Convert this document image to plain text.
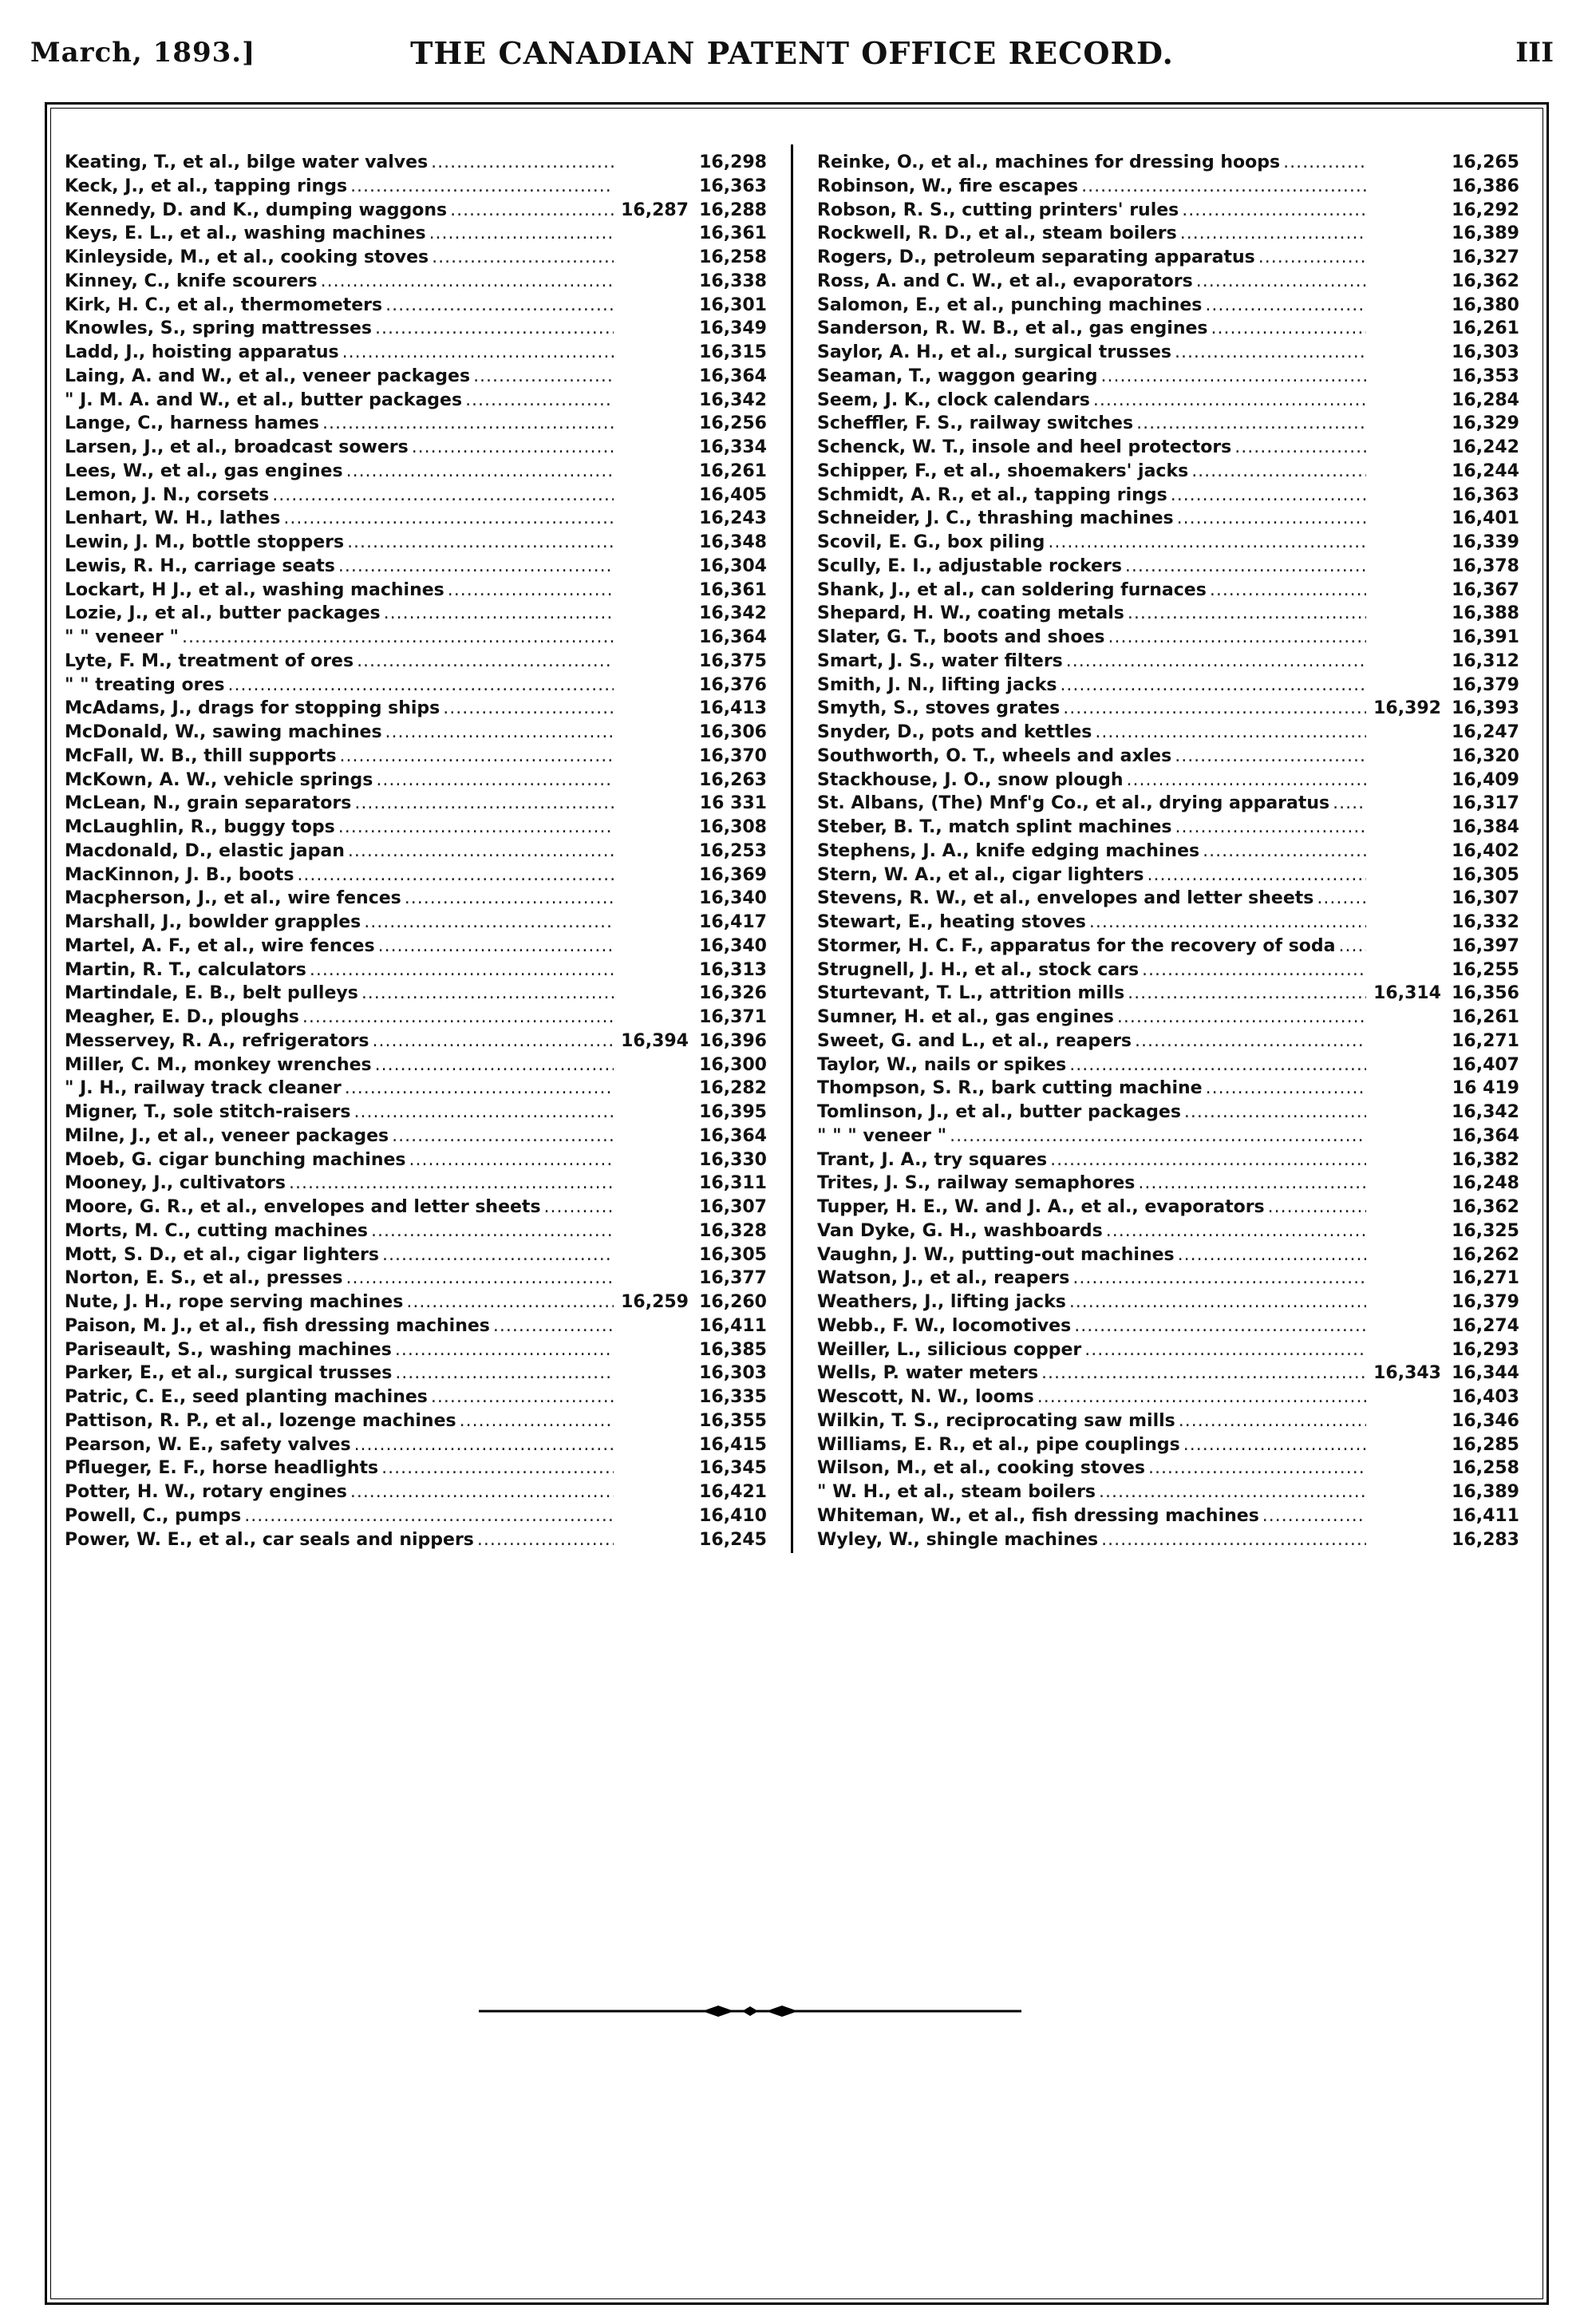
March, 1893.]	THE CANADIAN PATENT OFFICE RECORD.	III
Keating, T., et al., bilge water valves .....	16,298
Keck, J., et al., tapping rings .....	16,363
Kennedy, D. and K., dumping waggons .....	16,287 16,288
Keys, E. L., et al., washing machines .....	16,361
Kinleyside, M., et al., cooking stoves .....	16,258
Kinney, C., knife scourers .....	16,338
Kirk, H. C., et al., thermometers .....	16,301
Knowles, S., spring mattresses .....	16,349
Ladd, J., hoisting apparatus .....	16,315
Laing, A. and W., et al., veneer packages .....	16,364
" J. M. A. and W., et al., butter packages .....	16,342
Lange, C., harness hames .....	16,256
Larsen, J., et al., broadcast sowers .....	16,334
Lees, W., et al., gas engines .....	16,261
Lemon, J. N., corsets .....	16,405
Lenhart, W. H., lathes .....	16,243
Lewin, J. M., bottle stoppers .....	16,348
Lewis, R. H., carriage seats .....	16,304
Lockart, H J., et al., washing machines .....	16,361
Lozie, J., et al., butter packages .....	16,342
" " veneer " .....	16,364
Lyte, F. M., treatment of ores .....	16,375
" " treating ores .....	16,376
McAdams, J., drags for stopping ships .....	16,413
McDonald, W., sawing machines .....	16,306
McFall, W. B., thill supports .....	16,370
McKown, A. W., vehicle springs .....	16,263
McLean, N., grain separators .....	16 331
McLaughlin, R., buggy tops .....	16,308
Macdonald, D., elastic japan .....	16,253
MacKinnon, J. B., boots .....	16,369
Macpherson, J., et al., wire fences .....	16,340
Marshall, J., bowlder grapples .....	16,417
Martel, A. F., et al., wire fences .....	16,340
Martin, R. T., calculators .....	16,313
Martindale, E. B., belt pulleys .....	16,326
Meagher, E. D., ploughs .....	16,371
Messervey, R. A., refrigerators .....	16,394 16,396
Miller, C. M., monkey wrenches .....	16,300
" J. H., railway track cleaner .....	16,282
Migner, T., sole stitch-raisers .....	16,395
Milne, J., et al., veneer packages .....	16,364
Moeb, G. cigar bunching machines .....	16,330
Mooney, J., cultivators .....	16,311
Moore, G. R., et al., envelopes and letter sheets .....	16,307
Morts, M. C., cutting machines .....	16,328
Mott, S. D., et al., cigar lighters .....	16,305
Norton, E. S., et al., presses .....	16,377
Nute, J. H., rope serving machines .....	16,259 16,260
Paison, M. J., et al., fish dressing machines .....	16,411
Pariseault, S., washing machines .....	16,385
Parker, E., et al., surgical trusses .....	16,303
Patric, C. E., seed planting machines .....	16,335
Pattison, R. P., et al., lozenge machines .....	16,355
Pearson, W. E., safety valves .....	16,415
Pflueger, E. F., horse headlights .....	16,345
Potter, H. W., rotary engines .....	16,421
Powell, C., pumps .....	16,410
Power, W. E., et al., car seals and nippers .....	16,245
Reinke, O., et al., machines for dressing hoops .....	16,265
Robinson, W., fire escapes .....	16,386
Robson, R. S., cutting printers' rules .....	16,292
Rockwell, R. D., et al., steam boilers .....	16,389
Rogers, D., petroleum separating apparatus .....	16,327
Ross, A. and C. W., et al., evaporators .....	16,362
Salomon, E., et al., punching machines .....	16,380
Sanderson, R. W. B., et al., gas engines .....	16,261
Saylor, A. H., et al., surgical trusses .....	16,303
Seaman, T., waggon gearing .....	16,353
Seem, J. K., clock calendars .....	16,284
Scheffler, F. S., railway switches .....	16,329
Schenck, W. T., insole and heel protectors .....	16,242
Schipper, F., et al., shoemakers' jacks .....	16,244
Schmidt, A. R., et al., tapping rings .....	16,363
Schneider, J. C., thrashing machines .....	16,401
Scovil, E. G., box piling .....	16,339
Scully, E. I., adjustable rockers .....	16,378
Shank, J., et al., can soldering furnaces .....	16,367
Shepard, H. W., coating metals .....	16,388
Slater, G. T., boots and shoes .....	16,391
Smart, J. S., water filters .....	16,312
Smith, J. N., lifting jacks .....	16,379
Smyth, S., stoves grates .....	16,392 16,393
Snyder, D., pots and kettles .....	16,247
Southworth, O. T., wheels and axles .....	16,320
Stackhouse, J. O., snow plough .....	16,409
St. Albans, (The) Mnf'g Co., et al., drying apparatus .....	16,317
Steber, B. T., match splint machines .....	16,384
Stephens, J. A., knife edging machines .....	16,402
Stern, W. A., et al., cigar lighters .....	16,305
Stevens, R. W., et al., envelopes and letter sheets .....	16,307
Stewart, E., heating stoves .....	16,332
Stormer, H. C. F., apparatus for the recovery of soda .....	16,397
Strugnell, J. H., et al., stock cars .....	16,255
Sturtevant, T. L., attrition mills .....	16,314 16,356
Sumner, H. et al., gas engines .....	16,261
Sweet, G. and L., et al., reapers .....	16,271
Taylor, W., nails or spikes .....	16,407
Thompson, S. R., bark cutting machine .....	16 419
Tomlinson, J., et al., butter packages .....	16,342
" " " veneer " .....	16,364
Trant, J. A., try squares .....	16,382
Trites, J. S., railway semaphores .....	16,248
Tupper, H. E., W. and J. A., et al., evaporators .....	16,362
Van Dyke, G. H., washboards .....	16,325
Vaughn, J. W., putting-out machines .....	16,262
Watson, J., et al., reapers .....	16,271
Weathers, J., lifting jacks .....	16,379
Webb., F. W., locomotives .....	16,274
Weiller, L., silicious copper .....	16,293
Wells, P. water meters .....	16,343 16,344
Wescott, N. W., looms .....	16,403
Wilkin, T. S., reciprocating saw mills .....	16,346
Williams, E. R., et al., pipe couplings .....	16,285
Wilson, M., et al., cooking stoves .....	16,258
" W. H., et al., steam boilers .....	16,389
Whiteman, W., et al., fish dressing machines .....	16,411
Wyley, W., shingle machines .....	16,283
